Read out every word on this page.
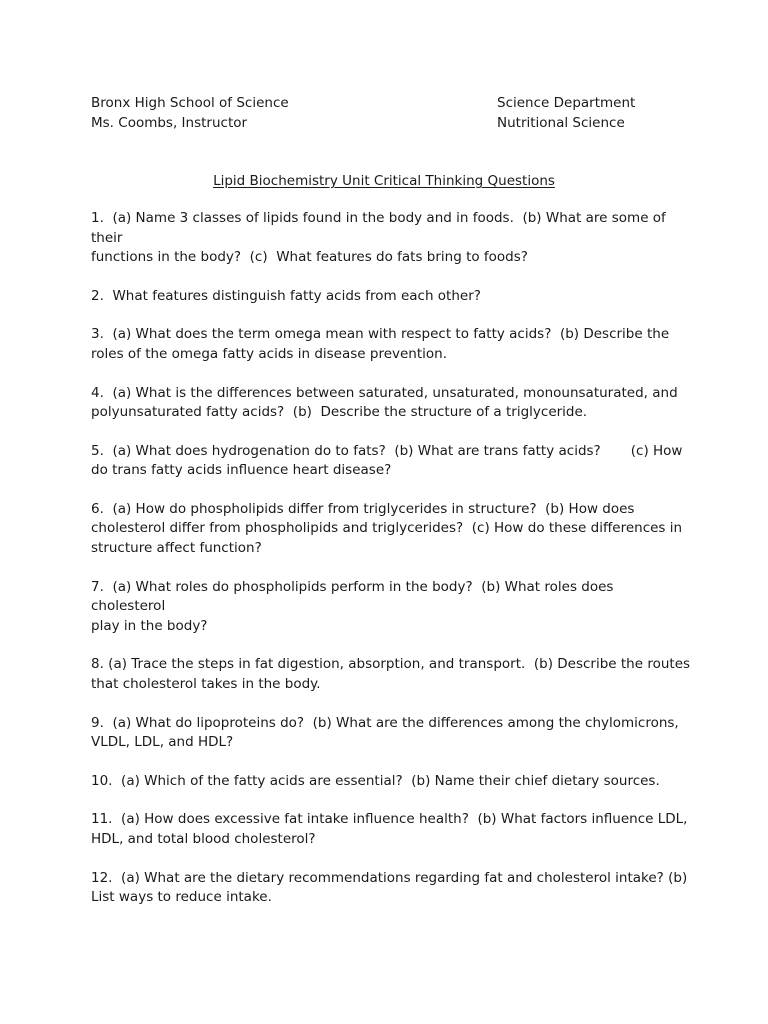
Bronx High School of Science
Ms. Coombs, Instructor
Science Department
Nutritional Science
Lipid Biochemistry Unit Critical Thinking Questions
1.  (a) Name 3 classes of lipids found in the body and in foods.  (b) What are some of their
functions in the body?  (c)  What features do fats bring to foods?
2.  What features distinguish fatty acids from each other?
3.  (a) What does the term omega mean with respect to fatty acids?  (b) Describe the
roles of the omega fatty acids in disease prevention.
4.  (a) What is the differences between saturated, unsaturated, monounsaturated, and
polyunsaturated fatty acids?  (b)  Describe the structure of a triglyceride.
5.  (a) What does hydrogenation do to fats?  (b) What are trans fatty acids?       (c) How
do trans fatty acids influence heart disease?
6.  (a) How do phospholipids differ from triglycerides in structure?  (b) How does
cholesterol differ from phospholipids and triglycerides?  (c) How do these differences in
structure affect function?
7.  (a) What roles do phospholipids perform in the body?  (b) What roles does cholesterol
play in the body?
8. (a) Trace the steps in fat digestion, absorption, and transport.  (b) Describe the routes
that cholesterol takes in the body.
9.  (a) What do lipoproteins do?  (b) What are the differences among the chylomicrons,
VLDL, LDL, and HDL?
10.  (a) Which of the fatty acids are essential?  (b) Name their chief dietary sources.
11.  (a) How does excessive fat intake influence health?  (b) What factors influence LDL,
HDL, and total blood cholesterol?
12.  (a) What are the dietary recommendations regarding fat and cholesterol intake? (b)
List ways to reduce intake.
